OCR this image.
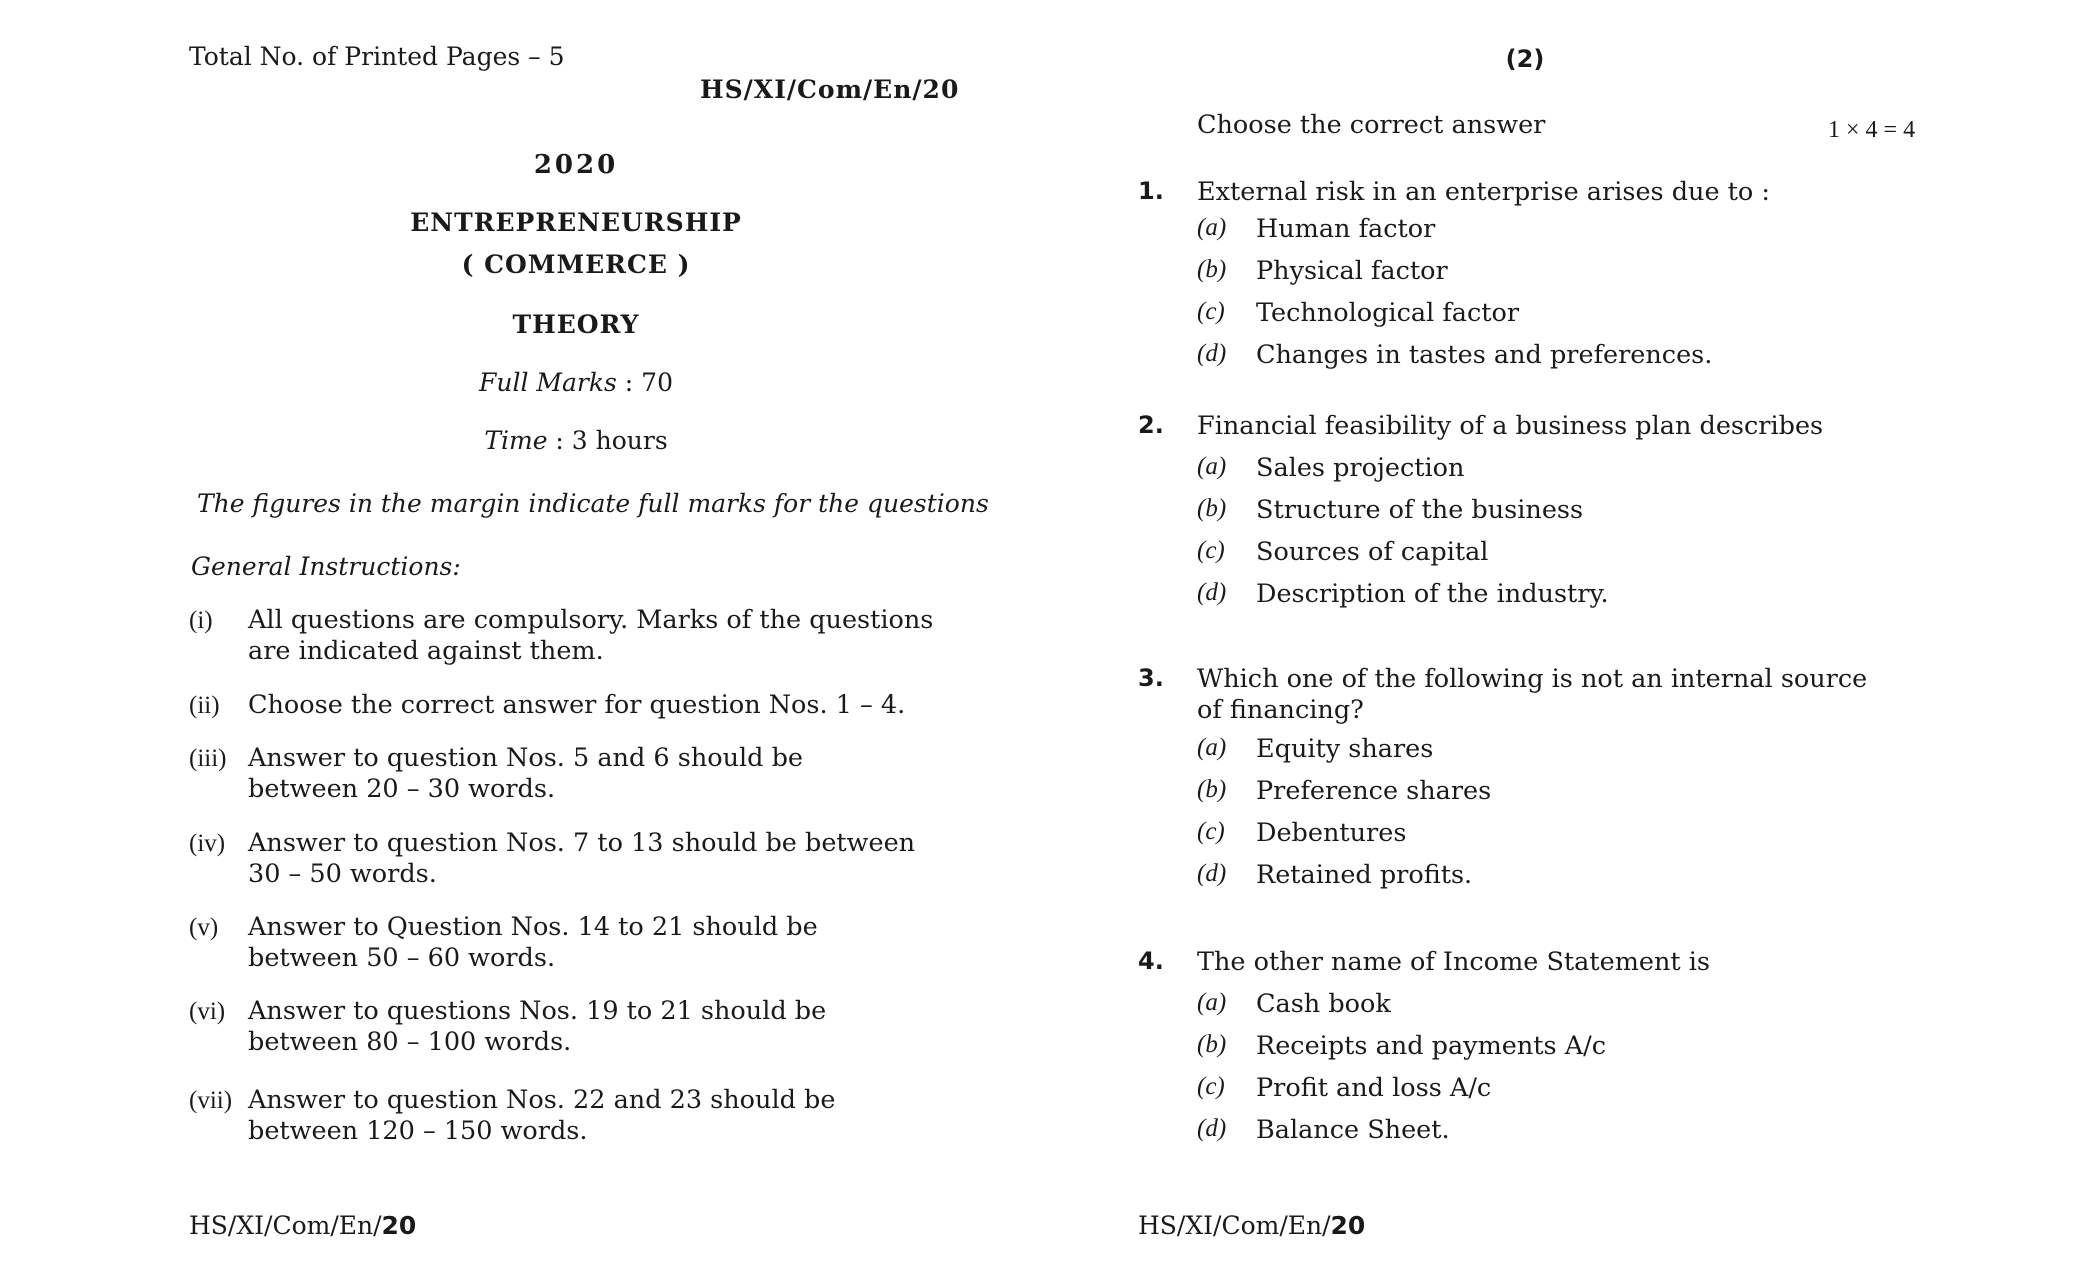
Total No. of Printed Pages – 5
HS/XI/Com/En/20
2020
ENTREPRENEURSHIP
( COMMERCE )
THEORY
Full Marks : 70
Time : 3 hours
The figures in the margin indicate full marks for the questions
General Instructions:
(i) All questions are compulsory. Marks of the questions are indicated against them.
(ii) Choose the correct answer for question Nos. 1 – 4.
(iii) Answer to question Nos. 5 and 6 should be between 20 – 30 words.
(iv) Answer to question Nos. 7 to 13 should be between 30 – 50 words.
(v) Answer to Question Nos. 14 to 21 should be between 50 – 60 words.
(vi) Answer to questions Nos. 19 to 21 should be between 80 – 100 words.
(vii) Answer to question Nos. 22 and 23 should be between 120 – 150 words.
HS/XI/Com/En/20
(2)
Choose the correct answer	1 × 4 = 4
1. External risk in an enterprise arises due to :
(a) Human factor
(b) Physical factor
(c) Technological factor
(d) Changes in tastes and preferences.
2. Financial feasibility of a business plan describes
(a) Sales projection
(b) Structure of the business
(c) Sources of capital
(d) Description of the industry.
3. Which one of the following is not an internal source of financing?
(a) Equity shares
(b) Preference shares
(c) Debentures
(d) Retained profits.
4. The other name of Income Statement is
(a) Cash book
(b) Receipts and payments A/c
(c) Profit and loss A/c
(d) Balance Sheet.
HS/XI/Com/En/20
